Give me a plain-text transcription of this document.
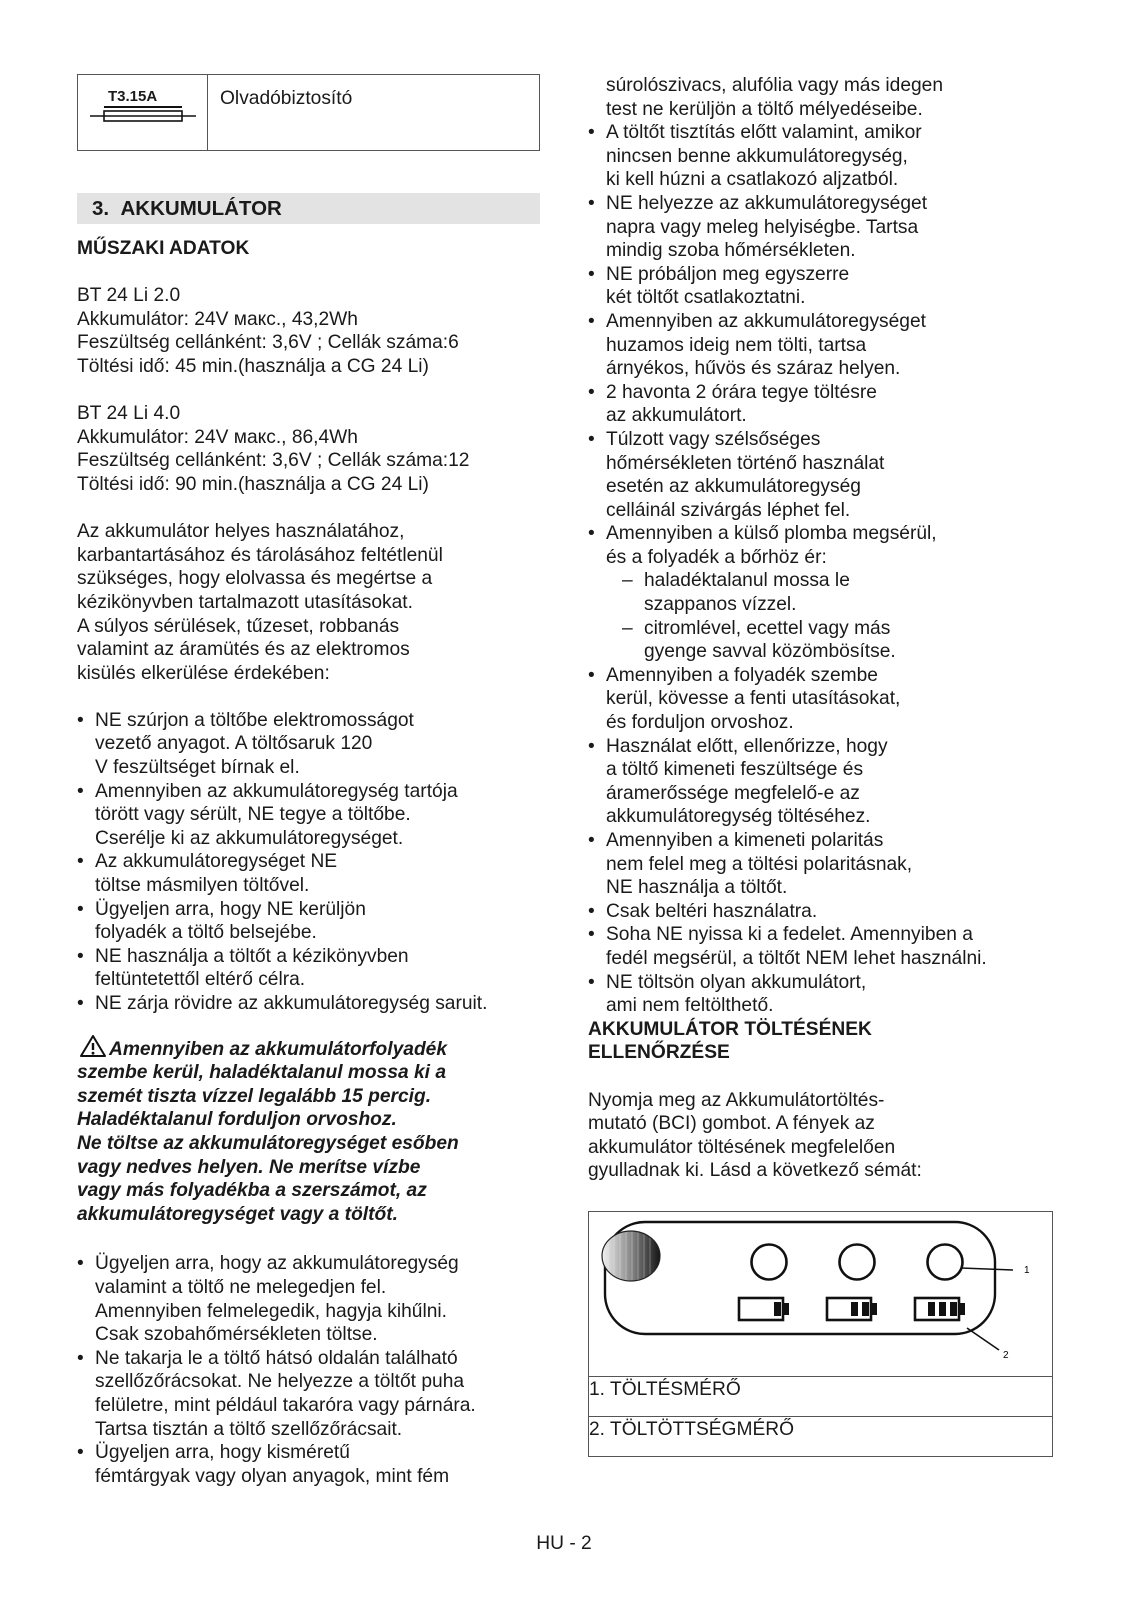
T3.15A	Olvadóbiztosító
3.  AKKUMULÁTOR
MŰSZAKI ADATOK
BT 24 Li 2.0
Akkumulátor: 24V макс., 43,2Wh
Feszültség cellánként: 3,6V ; Cellák száma:6
Töltési idő: 45 min.(használja a CG 24 Li)
BT 24 Li 4.0
Akkumulátor: 24V макс., 86,4Wh
Feszültség cellánként: 3,6V ; Cellák száma:12
Töltési idő: 90 min.(használja a CG 24 Li)
Az akkumulátor helyes használatához,
karbantartásához és tárolásához feltétlenül
szükséges, hogy elolvassa és megértse a
kézikönyvben tartalmazott utasításokat.
A súlyos sérülések, tűzeset, robbanás
valamint az áramütés és az elektromos
kisülés elkerülése érdekében:
• NE szúrjon a töltőbe elektromosságot
vezető anyagot. A töltősaruk 120
V feszültséget bírnak el.
• Amennyiben az akkumulátoregység tartója
törött vagy sérült, NE tegye a töltőbe.
Cserélje ki az akkumulátoregységet.
• Az akkumulátoregységet NE
töltse másmilyen töltővel.
• Ügyeljen arra, hogy NE kerüljön
folyadék a töltő belsejébe.
• NE használja a töltőt a kézikönyvben
feltüntetettől eltérő célra.
• NE zárja rövidre az akkumulátoregység saruit.
Amennyiben az akkumulátorfolyadék
szembe kerül, haladéktalanul mossa ki a
szemét tiszta vízzel legalább 15 percig.
Haladéktalanul forduljon orvoshoz.
Ne töltse az akkumulátoregységet esőben
vagy nedves helyen. Ne merítse vízbe
vagy más folyadékba a szerszámot, az
akkumulátoregységet vagy a töltőt.
• Ügyeljen arra, hogy az akkumulátoregység
valamint a töltő ne melegedjen fel.
Amennyiben felmelegedik, hagyja kihűlni.
Csak szobahőmérsékleten töltse.
• Ne takarja le a töltő hátsó oldalán található
szellőzőrácsokat. Ne helyezze a töltőt puha
felületre, mint például takaróra vagy párnára.
Tartsa tisztán a töltő szellőzőrácsait.
• Ügyeljen arra, hogy kisméretű
fémtárgyak vagy olyan anyagok, mint fém
súrolószivacs, alufólia vagy más idegen
test ne kerüljön a töltő mélyedéseibe.
• A töltőt tisztítás előtt valamint, amikor
nincsen benne akkumulátoregység,
ki kell húzni a csatlakozó aljzatból.
• NE helyezze az akkumulátoregységet
napra vagy meleg helyiségbe. Tartsa
mindig szoba hőmérsékleten.
• NE próbáljon meg egyszerre
két töltőt csatlakoztatni.
• Amennyiben az akkumulátoregységet
huzamos ideig nem tölti, tartsa
árnyékos, hűvös és száraz helyen.
• 2 havonta 2 órára tegye töltésre
az akkumulátort.
• Túlzott vagy szélsőséges
hőmérsékleten történő használat
esetén az akkumulátoregység
celláinál szivárgás léphet fel.
• Amennyiben a külső plomba megsérül,
és a folyadék a bőrhöz ér:
– haladéktalanul mossa le
szappanos vízzel.
– citromlével, ecettel vagy más
gyenge savval közömbösítse.
• Amennyiben a folyadék szembe
kerül, kövesse a fenti utasításokat,
és forduljon orvoshoz.
• Használat előtt, ellenőrizze, hogy
a töltő kimeneti feszültsége és
áramerőssége megfelelő-e az
akkumulátoregység töltéséhez.
• Amennyiben a kimeneti polaritás
nem felel meg a töltési polaritásnak,
NE használja a töltőt.
• Csak beltéri használatra.
• Soha NE nyissa ki a fedelet. Amennyiben a
fedél megsérül, a töltőt NEM lehet használni.
• NE töltsön olyan akkumulátort,
ami nem feltölthető.
AKKUMULÁTOR TÖLTÉSÉNEK
ELLENŐRZÉSE
Nyomja meg az Akkumulátortöltés-
mutató (BCI) gombot. A fények az
akkumulátor töltésének megfelelően
gyulladnak ki. Lásd a következő sémát:
1
2
1. TÖLTÉSMÉRŐ
2. TÖLTÖTTSÉGMÉRŐ
HU - 2
